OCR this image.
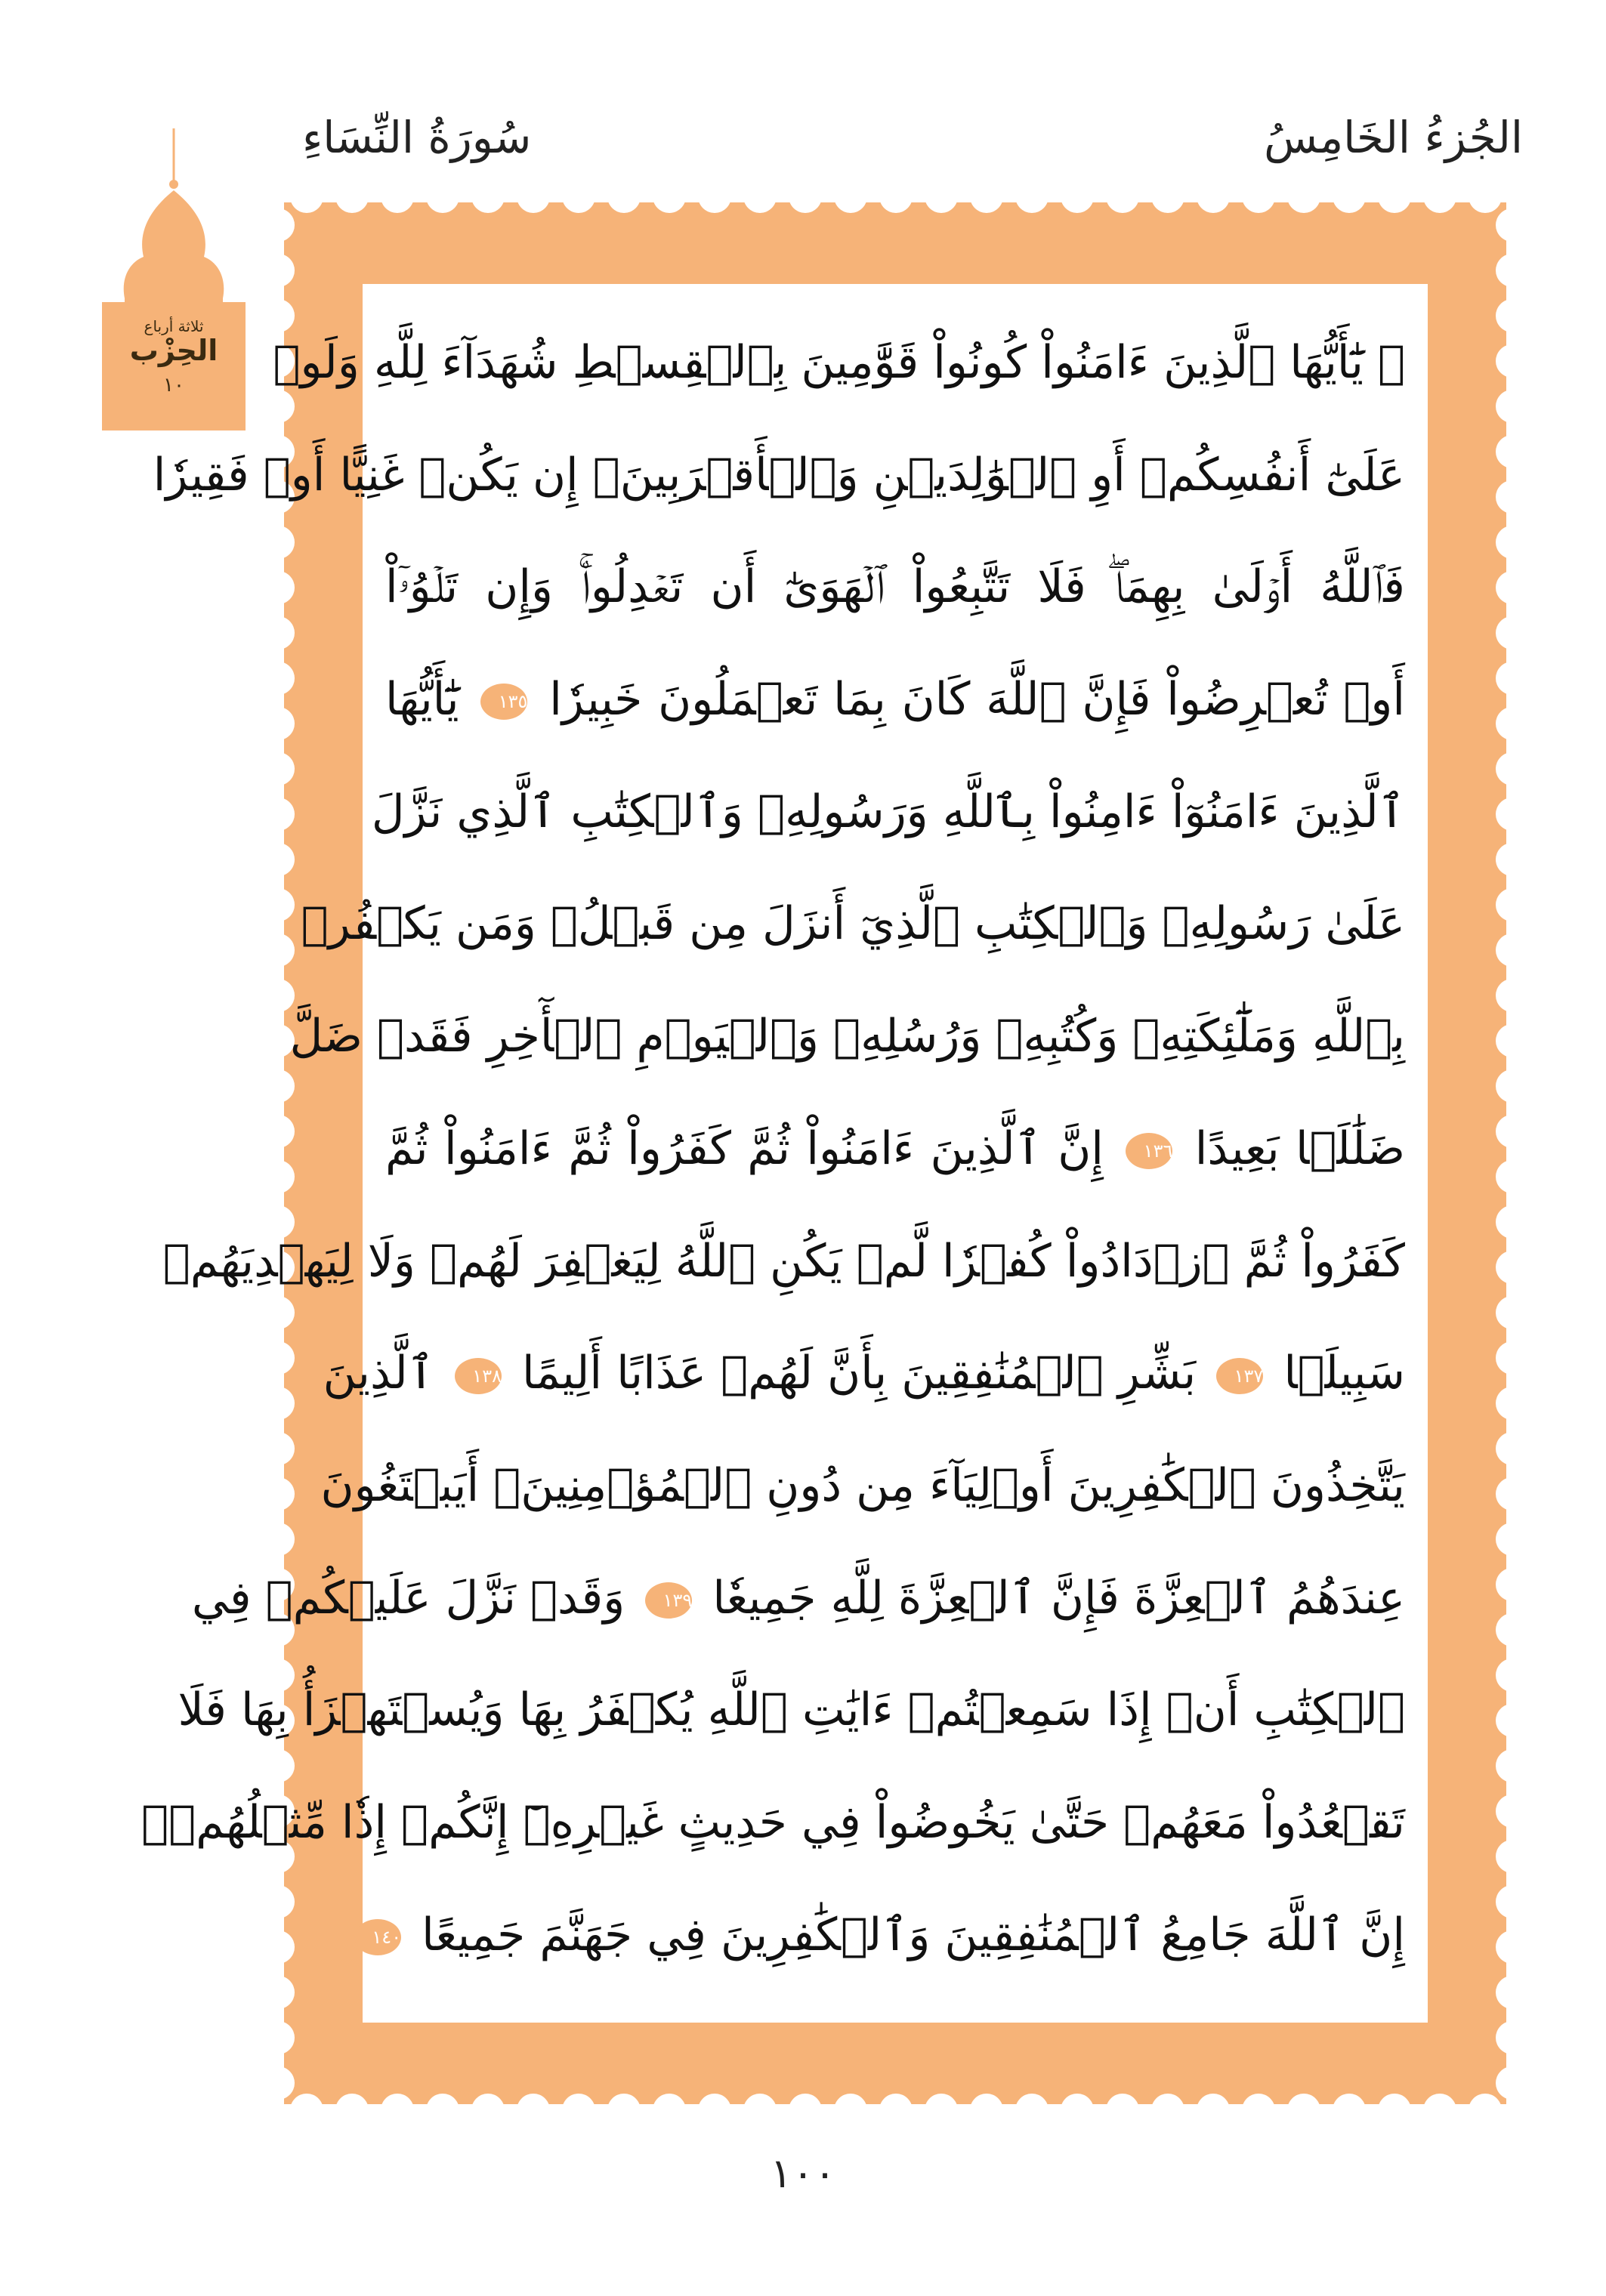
الجُزءُ الخَامِسُ
سُورَةُ النِّسَاءِ
ثلاثة أرباع
الحِزْب
١٠	۞ يَٰٓأَيُّهَا ٱلَّذِينَ ءَامَنُواْ كُونُواْ قَوَّٰمِينَ بِٱلۡقِسۡطِ شُهَدَآءَ لِلَّهِ وَلَوۡ
عَلَىٰٓ أَنفُسِكُمۡ أَوِ ٱلۡوَٰلِدَيۡنِ وَٱلۡأَقۡرَبِينَۚ إِن يَكُنۡ غَنِيًّا أَوۡ فَقِيرٗا
فَٱللَّهُ أَوۡلَىٰ بِهِمَاۖ فَلَا تَتَّبِعُواْ ٱلۡهَوَىٰٓ أَن تَعۡدِلُواْۚ وَإِن تَلۡوُۥٓاْ
أَوۡ تُعۡرِضُواْ فَإِنَّ ٱللَّهَ كَانَ بِمَا تَعۡمَلُونَ خَبِيرٗا ١٣٥ يَٰٓأَيُّهَا
ٱلَّذِينَ ءَامَنُوٓاْ ءَامِنُواْ بِٱللَّهِ وَرَسُولِهِۦ وَٱلۡكِتَٰبِ ٱلَّذِي نَزَّلَ
عَلَىٰ رَسُولِهِۦ وَٱلۡكِتَٰبِ ٱلَّذِيٓ أَنزَلَ مِن قَبۡلُۚ وَمَن يَكۡفُرۡ
بِٱللَّهِ وَمَلَٰٓئِكَتِهِۦ وَكُتُبِهِۦ وَرُسُلِهِۦ وَٱلۡيَوۡمِ ٱلۡأٓخِرِ فَقَدۡ ضَلَّ
ضَلَٰلَۢا بَعِيدًا ١٣٦ إِنَّ ٱلَّذِينَ ءَامَنُواْ ثُمَّ كَفَرُواْ ثُمَّ ءَامَنُواْ ثُمَّ
كَفَرُواْ ثُمَّ ٱزۡدَادُواْ كُفۡرٗا لَّمۡ يَكُنِ ٱللَّهُ لِيَغۡفِرَ لَهُمۡ وَلَا لِيَهۡدِيَهُمۡ
سَبِيلَۢا ١٣٧ بَشِّرِ ٱلۡمُنَٰفِقِينَ بِأَنَّ لَهُمۡ عَذَابًا أَلِيمًا ١٣٨ ٱلَّذِينَ
يَتَّخِذُونَ ٱلۡكَٰفِرِينَ أَوۡلِيَآءَ مِن دُونِ ٱلۡمُؤۡمِنِينَۚ أَيَبۡتَغُونَ
عِندَهُمُ ٱلۡعِزَّةَ فَإِنَّ ٱلۡعِزَّةَ لِلَّهِ جَمِيعٗا ١٣٩ وَقَدۡ نَزَّلَ عَلَيۡكُمۡ فِي
ٱلۡكِتَٰبِ أَنۡ إِذَا سَمِعۡتُمۡ ءَايَٰتِ ٱللَّهِ يُكۡفَرُ بِهَا وَيُسۡتَهۡزَأُ بِهَا فَلَا
تَقۡعُدُواْ مَعَهُمۡ حَتَّىٰ يَخُوضُواْ فِي حَدِيثٍ غَيۡرِهِۦٓ إِنَّكُمۡ إِذٗا مِّثۡلُهُمۡۗ
إِنَّ ٱللَّهَ جَامِعُ ٱلۡمُنَٰفِقِينَ وَٱلۡكَٰفِرِينَ فِي جَهَنَّمَ جَمِيعًا ١٤٠
١٠٠
